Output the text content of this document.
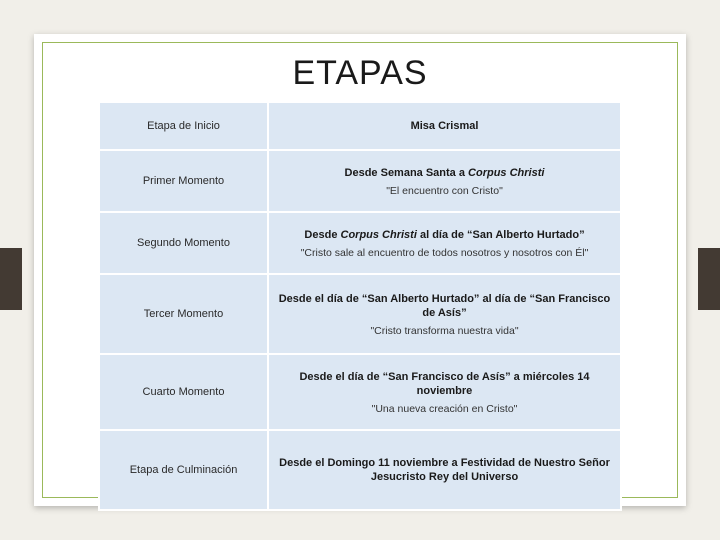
ETAPAS
Etapa de Inicio	Misa Crismal

Primer Momento	Desde Semana Santa a Corpus Christi
"El encuentro con Cristo"

Segundo Momento	Desde Corpus Christi al día de “San Alberto Hurtado”
"Cristo sale al encuentro de todos nosotros y nosotros con Él"

Tercer Momento	Desde el día de “San Alberto Hurtado” al día de “San Francisco de Asís”
"Cristo transforma nuestra vida"

Cuarto Momento	Desde el día de “San Francisco de Asís” a miércoles 14 noviembre
"Una nueva creación en Cristo"

Etapa de Culminación	Desde el Domingo 11 noviembre a Festividad de Nuestro Señor Jesucristo Rey del Universo
